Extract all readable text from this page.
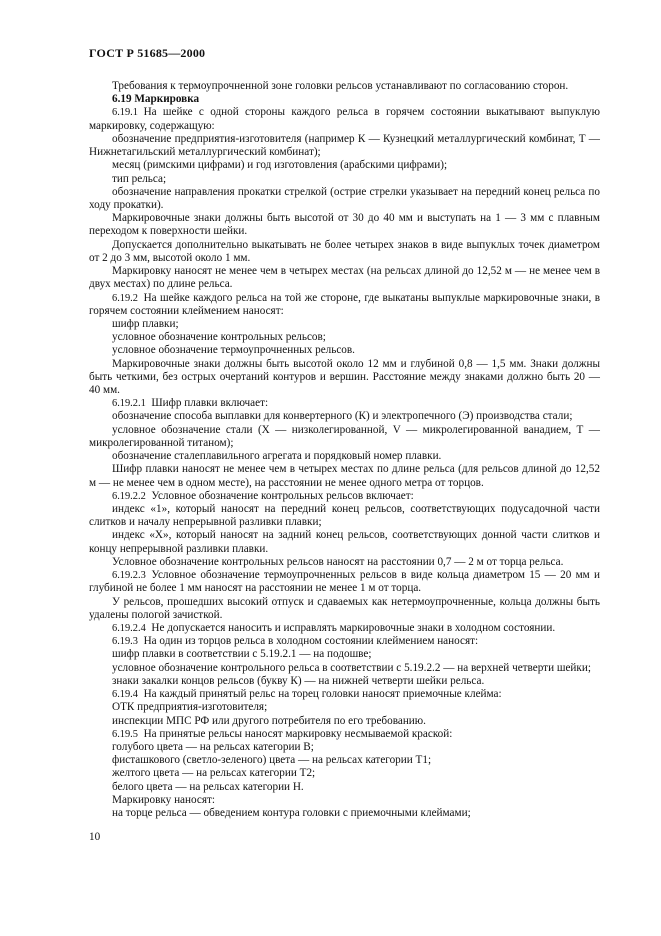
ГОСТ Р 51685—2000

Требования к термоупрочненной зоне головки рельсов устанавливают по согласованию сторон.

6.19 Маркировка

6.19.1  На шейке с одной стороны каждого рельса в горячем состоянии выкатывают выпуклую маркировку, содержащую:

обозначение предприятия-изготовителя (например К — Кузнецкий металлургический комбинат, Т — Нижнетагильский металлургический комбинат);

месяц (римскими цифрами) и год изготовления (арабскими цифрами);

тип рельса;

обозначение направления прокатки стрелкой (острие стрелки указывает на передний конец рельса по ходу прокатки).

Маркировочные знаки должны быть высотой от 30 до 40 мм и выступать на 1 — 3 мм с плавным переходом к поверхности шейки.

Допускается дополнительно выкатывать не более четырех знаков в виде выпуклых точек диаметром от 2 до 3 мм, высотой около 1 мм.

Маркировку наносят не менее чем в четырех местах (на рельсах длиной до 12,52 м — не менее чем в двух местах) по длине рельса.

6.19.2  На шейке каждого рельса на той же стороне, где выкатаны выпуклые маркировочные знаки, в горячем состоянии клеймением наносят:

шифр плавки;

условное обозначение контрольных рельсов;

условное обозначение термоупрочненных рельсов.

Маркировочные знаки должны быть высотой около 12 мм и глубиной 0,8 — 1,5 мм. Знаки должны быть четкими, без острых очертаний контуров и вершин. Расстояние между знаками должно быть 20 — 40 мм.

6.19.2.1  Шифр плавки включает:

обозначение способа выплавки для конвертерного (К) и электропечного (Э) производства стали;

условное обозначение стали (Х — низколегированной, V — микролегированной ванадием, Т — микролегированной титаном);

обозначение сталеплавильного агрегата и порядковый номер плавки.

Шифр плавки наносят не менее чем в четырех местах по длине рельса (для рельсов длиной до 12,52 м — не менее чем в одном месте), на расстоянии не менее одного метра от торцов.

6.19.2.2  Условное обозначение контрольных рельсов включает:

индекс «1», который наносят на передний конец рельсов, соответствующих подусадочной части слитков и началу непрерывной разливки плавки;

индекс «Х», который наносят на задний конец рельсов, соответствующих донной части слитков и концу непрерывной разливки плавки.

Условное обозначение контрольных рельсов наносят на расстоянии 0,7 — 2 м от торца рельса.

6.19.2.3  Условное обозначение термоупрочненных рельсов в виде кольца диаметром 15 — 20 мм и глубиной не более 1 мм наносят на расстоянии не менее 1 м от торца.

У рельсов, прошедших высокий отпуск и сдаваемых как нетермоупрочненные, кольца должны быть удалены пологой зачисткой.

6.19.2.4  Не допускается наносить и исправлять маркировочные знаки в холодном состоянии.

6.19.3  На один из торцов рельса в холодном состоянии клеймением наносят:

шифр плавки в соответствии с 5.19.2.1 — на подошве;

условное обозначение контрольного рельса в соответствии с 5.19.2.2 — на верхней четверти шейки;

знаки закалки концов рельсов (букву К) — на нижней четверти шейки рельса.

6.19.4  На каждый принятый рельс на торец головки наносят приемочные клейма:

ОТК предприятия-изготовителя;

инспекции МПС РФ или другого потребителя по его требованию.

6.19.5  На принятые рельсы наносят маркировку несмываемой краской:

голубого цвета — на рельсах категории В;

фисташкового (светло-зеленого) цвета — на рельсах категории Т1;

желтого цвета — на рельсах категории Т2;

белого цвета — на рельсах категории Н.

Маркировку наносят:

на торце рельса — обведением контура головки с приемочными клеймами;

10
